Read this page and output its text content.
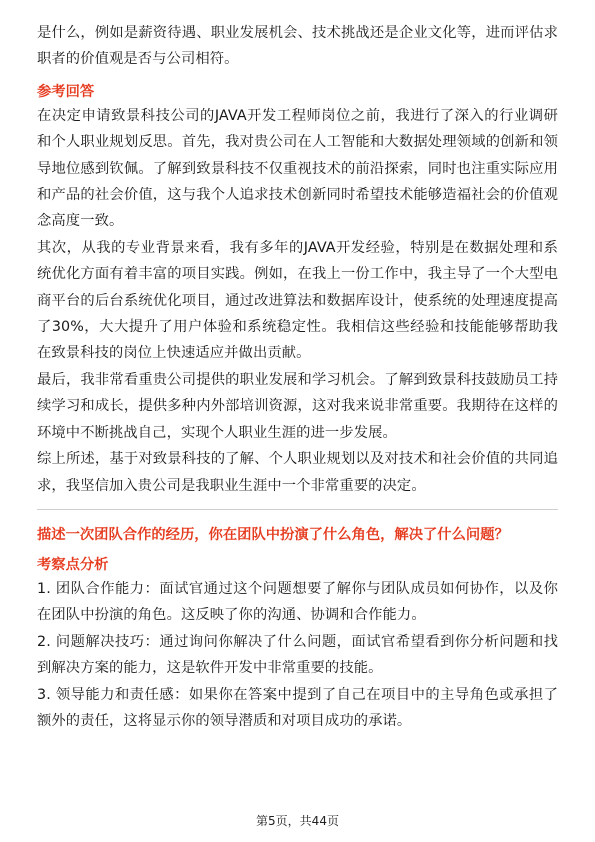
是什么，例如是薪资待遇、职业发展机会、技术挑战还是企业文化等，进而评估求职者的价值观是否与公司相符。

参考回答

在决定申请致景科技公司的JAVA开发工程师岗位之前，我进行了深入的行业调研和个人职业规划反思。首先，我对贵公司在人工智能和大数据处理领域的创新和领导地位感到钦佩。了解到致景科技不仅重视技术的前沿探索，同时也注重实际应用和产品的社会价值，这与我个人追求技术创新同时希望技术能够造福社会的价值观念高度一致。

其次，从我的专业背景来看，我有多年的JAVA开发经验，特别是在数据处理和系统优化方面有着丰富的项目实践。例如，在我上一份工作中，我主导了一个大型电商平台的后台系统优化项目，通过改进算法和数据库设计，使系统的处理速度提高了30%，大大提升了用户体验和系统稳定性。我相信这些经验和技能能够帮助我在致景科技的岗位上快速适应并做出贡献。

最后，我非常看重贵公司提供的职业发展和学习机会。了解到致景科技鼓励员工持续学习和成长，提供多种内外部培训资源，这对我来说非常重要。我期待在这样的环境中不断挑战自己，实现个人职业生涯的进一步发展。

综上所述，基于对致景科技的了解、个人职业规划以及对技术和社会价值的共同追求，我坚信加入贵公司是我职业生涯中一个非常重要的决定。

描述一次团队合作的经历，你在团队中扮演了什么角色，解决了什么问题？

考察点分析

1. 团队合作能力：面试官通过这个问题想要了解你与团队成员如何协作，以及你在团队中扮演的角色。这反映了你的沟通、协调和合作能力。

2. 问题解决技巧：通过询问你解决了什么问题，面试官希望看到你分析问题和找到解决方案的能力，这是软件开发中非常重要的技能。

3. 领导能力和责任感：如果你在答案中提到了自己在项目中的主导角色或承担了额外的责任，这将显示你的领导潜质和对项目成功的承诺。

第5页，共44页
